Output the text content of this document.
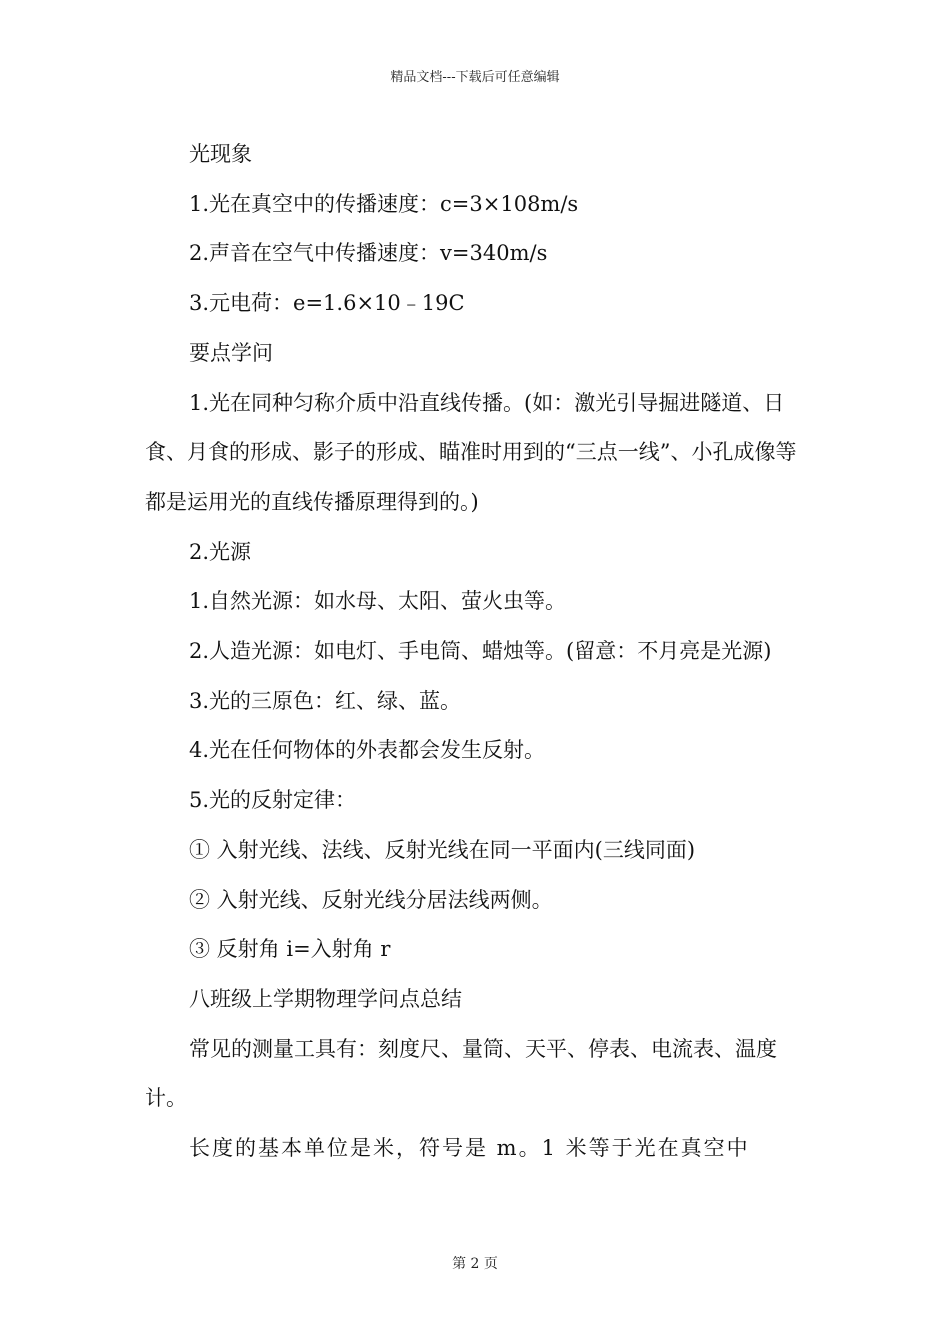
精品文档---下载后可任意编辑

光现象

1.光在真空中的传播速度：c=3×108m/s

2.声音在空气中传播速度：v=340m/s

3.元电荷：e=1.6×10﹣19C

要点学问

1.光在同种匀称介质中沿直线传播。(如：激光引导掘进隧道、日食、月食的形成、影子的形成、瞄准时用到的“三点一线”、小孔成像等都是运用光的直线传播原理得到的。)

2.光源

1.自然光源：如水母、太阳、萤火虫等。

2.人造光源：如电灯、手电筒、蜡烛等。(留意：不月亮是光源)

3.光的三原色：红、绿、蓝。

4.光在任何物体的外表都会发生反射。

5.光的反射定律：

① 入射光线、法线、反射光线在同一平面内(三线同面)

② 入射光线、反射光线分居法线两侧。

③ 反射角 i=入射角 r

八班级上学期物理学问点总结

常见的测量工具有：刻度尺、量筒、天平、停表、电流表、温度计。

长度的基本单位是米，符号是 m。1 米等于光在真空中

第 2 页
